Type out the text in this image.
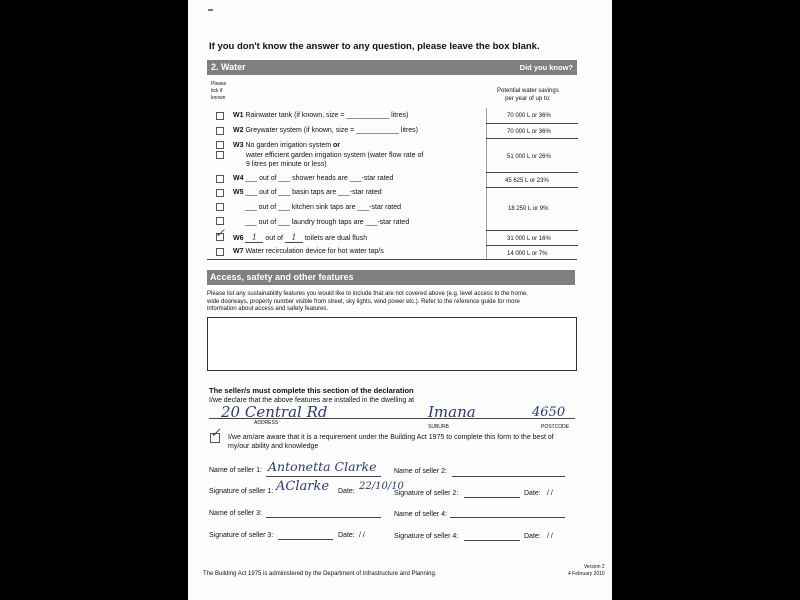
If you don't know the answer to any question, please leave the box blank.
2. Water	Did you know?
Please
tick if
known
Potential water savings
per year of up to:
W1 Rainwater tank (if known, size = ___________ litres)	70 000 L or 36%
W2 Greywater system (if known, size = ___________ litres)	70 000 L or 36%
W3 No garden irrigation system or
water efficient garden irrigation system (water flow rate of
9 litres per minute or less)
51 000 L or 26%
W4 ___ out of ___ shower heads are ___-star rated	45 625 L or 23%
W5 ___ out of ___ basin taps are ___-star rated
___ out of ___ kitchen sink taps are ___-star rated
___ out of ___ laundry trough taps are ___-star rated
18 250 L or 9%
✓ W6 1 out of 1 toilets are dual flush	31 000 L or 16%
W7 Water recirculation device for hot water tap/s	14 000 L or 7%
Access, safety and other features
Please list any sustainability features you would like to include that are not covered above (e.g. level access to the home,
wide doorways, property number visible from street, sky lights, wind power etc.). Refer to the reference guide for more
information about access and safety features.
The seller/s must complete this section of the declaration
I/we declare that the above features are installed in the dwelling at
20 Central Rd	Imana	4650
ADDRESS
SUBURB	POSTCODE
✓ I/we am/are aware that it is a requirement under the Building Act 1975 to complete this form to the best of
my/our ability and knowledge
Name of seller 1: Antonetta Clarke Name of seller 2:
Signature of seller 1: AClarke Date: 22/10/10
Signature of seller 2:	Date: / /
Name of seller 3:	Name of seller 4:
Signature of seller 3:	Date: / /	Signature of seller 4:	Date: / /
The Building Act 1975 is administered by the Department of Infrastructure and Planning.
Version 2
4 February 2010
